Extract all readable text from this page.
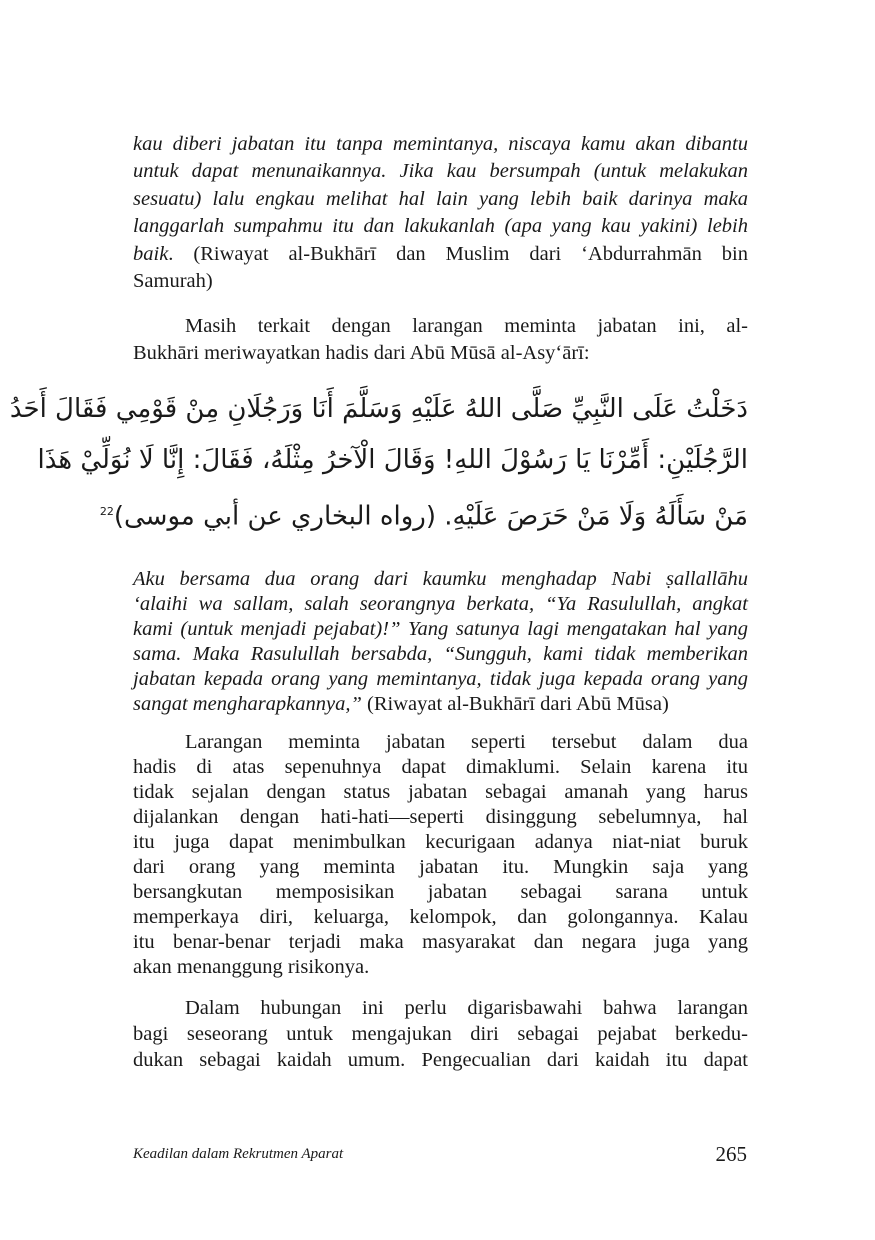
kau diberi jabatan itu tanpa memintanya, niscaya kamu akan dibantu
untuk dapat menunaikannya. Jika kau bersumpah (untuk melakukan
sesuatu) lalu engkau melihat hal lain yang lebih baik darinya maka
langgarlah sumpahmu itu dan lakukanlah (apa yang kau yakini) lebih
baik. (Riwayat al-Bukhārī dan Muslim dari ‘Abdurrahmān bin
Samurah)
Masih terkait dengan larangan meminta jabatan ini, al-
Bukhāri meriwayatkan hadis dari Abū Mūsā al-Asy‘ārī:
دَخَلْتُ عَلَى النَّبِيِّ صَلَّى اللهُ عَلَيْهِ وَسَلَّمَ أَنَا وَرَجُلَانِ مِنْ قَوْمِي فَقَالَ أَحَدُ
الرَّجُلَيْنِ: أَمِّرْنَا يَا رَسُوْلَ اللهِ! وَقَالَ الْآخرُ مِثْلَهُ، فَقَالَ: إِنَّا لَا نُوَلِّيْ هَذَا
مَنْ سَأَلَهُ وَلَا مَنْ حَرَصَ عَلَيْهِ. (رواه البخاري عن أبي موسى)$^{22}$
Aku bersama dua orang dari kaumku menghadap Nabi ṣallallāhu
‘alaihi wa sallam, salah seorangnya berkata, “Ya Rasulullah, angkat
kami (untuk menjadi pejabat)!” Yang satunya lagi mengatakan hal yang
sama. Maka Rasulullah bersabda, “Sungguh, kami tidak memberikan
jabatan kepada orang yang memintanya, tidak juga kepada orang yang
sangat mengharapkannya,” (Riwayat al-Bukhārī dari Abū Mūsa)
Larangan meminta jabatan seperti tersebut dalam dua
hadis di atas sepenuhnya dapat dimaklumi. Selain karena itu
tidak sejalan dengan status jabatan sebagai amanah yang harus
dijalankan dengan hati-hati—seperti disinggung sebelumnya, hal
itu juga dapat menimbulkan kecurigaan adanya niat-niat buruk
dari orang yang meminta jabatan itu. Mungkin saja yang
bersangkutan memposisikan jabatan sebagai sarana untuk
memperkaya diri, keluarga, kelompok, dan golongannya. Kalau
itu benar-benar terjadi maka masyarakat dan negara juga yang
akan menanggung risikonya.
Dalam hubungan ini perlu digarisbawahi bahwa larangan
bagi seseorang untuk mengajukan diri sebagai pejabat berkedu-
dukan sebagai kaidah umum. Pengecualian dari kaidah itu dapat
Keadilan dalam Rekrutmen Aparat	265
